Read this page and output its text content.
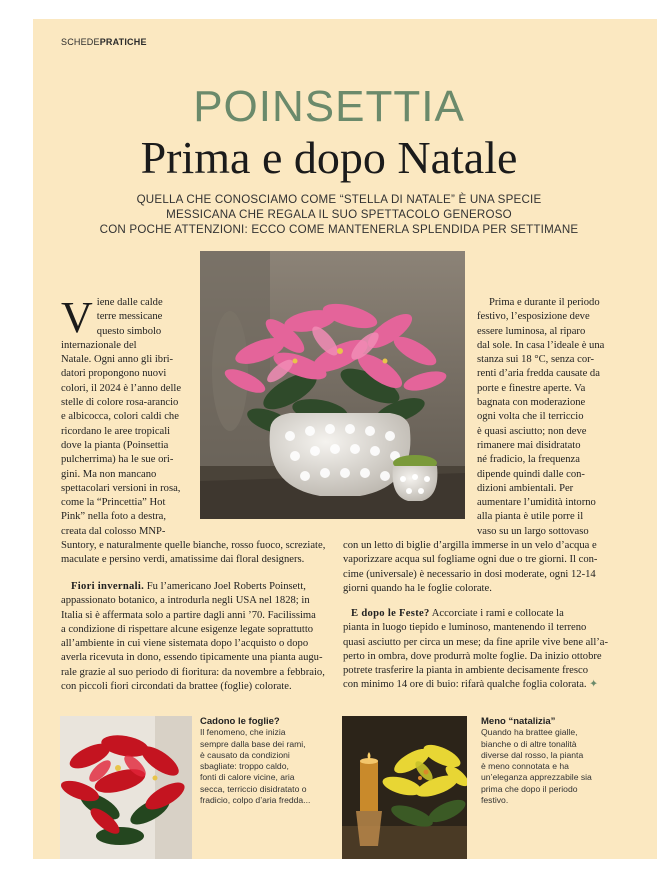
SCHEDEPRATICHE
POINSETTIA
Prima e dopo Natale
QUELLA CHE CONOSCIAMO COME “STELLA DI NATALE” È UNA SPECIE
MESSICANA CHE REGALA IL SUO SPETTACOLO GENEROSO
CON POCHE ATTENZIONI: ECCO COME MANTENERLA SPLENDIDA PER SETTIMANE
V iene dalle calde

terre messicane

questo simbolo

internazionale del

Natale. Ogni anno gli ibri-

datori propongono nuovi

colori, il 2024 è l’anno delle

stelle di colore rosa-arancio

e albicocca, colori caldi che

ricordano le aree tropicali

dove la pianta (Poinsettia

pulcherrima) ha le sue ori-

gini. Ma non mancano

spettacolari versioni in rosa,

come la “Princettia” Hot

Pink” nella foto a destra,

creata dal colosso MNP-

Suntory, e naturalmente quelle bianche, rosso fuoco, screziate,

maculate e persino verdi, amatissime dai floral designers.

Prima e durante il periodo

festivo, l’esposizione deve

essere luminosa, al riparo

dal sole. In casa l’ideale è una

stanza sui 18 °C, senza cor-

renti d’aria fredda causate da

porte e finestre aperte. Va

bagnata con moderazione

ogni volta che il terriccio

è quasi asciutto; non deve

rimanere mai disidratato

né fradicio, la frequenza

dipende quindi dalle con-

dizioni ambientali. Per

aumentare l’umidità intorno

alla pianta è utile porre il

vaso su un largo sottovaso

con un letto di biglie d’argilla immerse in un velo d’acqua e

vaporizzare acqua sul fogliame ogni due o tre giorni. Il con-

cime (universale) è necessario in dosi moderate, ogni 12-14

giorni quando ha le foglie colorate.

Fiori invernali. Fu l’americano Joel Roberts Poinsett,

appassionato botanico, a introdurla negli USA nel 1828; in

Italia si è affermata solo a partire dagli anni ’70. Facilissima

a condizione di rispettare alcune esigenze legate soprattutto

all’ambiente in cui viene sistemata dopo l’acquisto o dopo

averla ricevuta in dono, essendo tipicamente una pianta augu-

rale grazie al suo periodo di fioritura: da novembre a febbraio,

con piccoli fiori circondati da brattee (foglie) colorate.

E dopo le Feste? Accorciate i rami e collocate la

pianta in luogo tiepido e luminoso, mantenendo il terreno

quasi asciutto per circa un mese; da fine aprile vive bene all’a-

perto in ombra, dove produrrà molte foglie. Da inizio ottobre

potrete trasferire la pianta in ambiente decisamente fresco

con minimo 14 ore di buio: rifarà qualche foglia colorata. ✦

Cadono le foglie?
Il fenomeno, che inizia
sempre dalla base dei rami,
è causato da condizioni
sbagliate: troppo caldo,
fonti di calore vicine, aria
secca, terriccio disidratato o
fradicio, colpo d’aria fredda...
Meno “natalizia”
Quando ha brattee gialle,
bianche o di altre tonalità
diverse dal rosso, la pianta
è meno connotata e ha
un’eleganza apprezzabile sia
prima che dopo il periodo
festivo.
